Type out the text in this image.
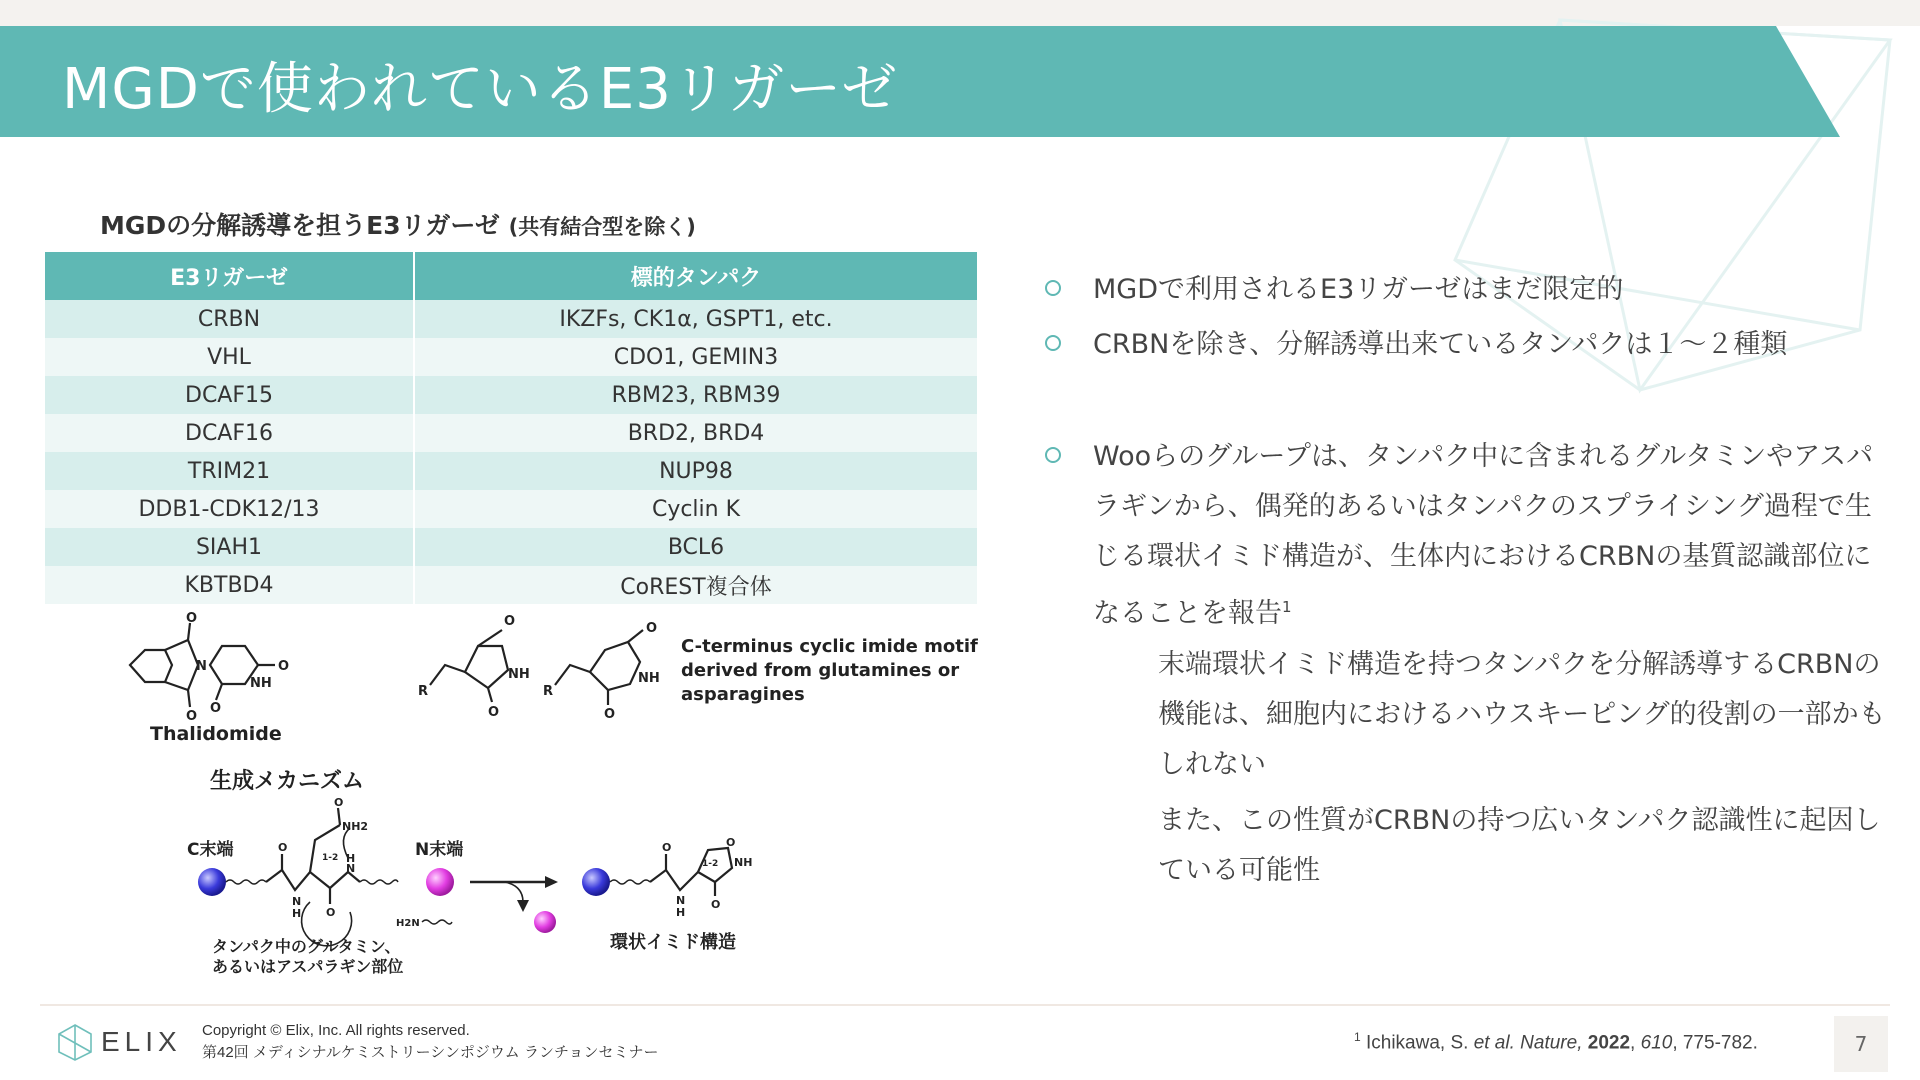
MGDで使われているE3リガーゼ
MGDの分解誘導を担うE3リガーゼ (共有結合型を除く)
E3リガーゼ	標的タンパク
CRBN	IKZFs, CK1α, GSPT1, etc.
VHL	CDO1, GEMIN3
DCAF15	RBM23, RBM39
DCAF16	BRD2, BRD4
TRIM21	NUP98
DDB1-CDK12/13	Cyclin K
SIAH1	BCL6
KBTBD4	CoREST複合体
O
O
N	O
NH
O
Thalidomide
R
O
NH
O
R
O
NH
O
C-terminus cyclic imide motif
derived from glutamines or
asparagines
生成メカニズム
C末端	N末端
O
N
H
O
NH2
N
H
O
1-2
H2N
O
N
H
O
NH
O
1-2
タンパク中のグルタミン、
あるいはアスパラギン部位
環状イミド構造
MGDで利用されるE3リガーゼはまだ限定的
CRBNを除き、分解誘導出来ているタンパクは１～２種類
Wooらのグループは、タンパク中に含まれるグルタミンやアスパラギンから、偶発的あるいはタンパクのスプライシング過程で生じる環状イミド構造が、生体内におけるCRBNの基質認識部位になることを報告$^1$
末端環状イミド構造を持つタンパクを分解誘導するCRBNの機能は、細胞内におけるハウスキーピング的役割の一部かもしれない
また、この性質がCRBNの持つ広いタンパク認識性に起因している可能性
ELIX Copyright © Elix, Inc. All rights reserved.
第42回 メディシナルケミストリーシンポジウム ランチョンセミナー
$^1$ Ichikawa, S. et al. Nature, 2022, 610, 775-782.	7
